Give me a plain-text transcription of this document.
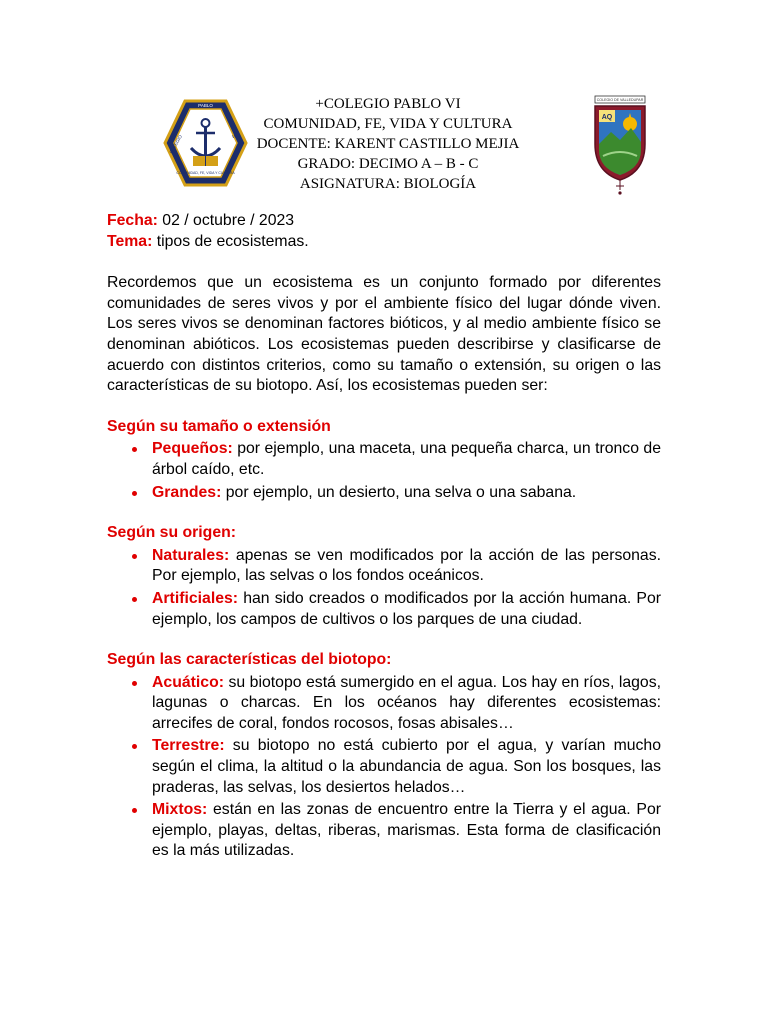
PABLO
COLEGIO	VI
COMUNIDAD, FE, VIDA Y CULTURA
+COLEGIO PABLO VI
COMUNIDAD, FE, VIDA Y CULTURA
DOCENTE: KARENT CASTILLO MEJIA
GRADO: DECIMO A – B - C
ASIGNATURA: BIOLOGÍA
COLEGIO DE VALLEDUPAR
AQ

Fecha: 02 / octubre / 2023

Tema: tipos de ecosistemas.

Recordemos que un ecosistema es un conjunto formado por diferentes comunidades de seres vivos y por el ambiente físico del lugar dónde viven. Los seres vivos se denominan factores bióticos, y al medio ambiente físico se denominan abióticos. Los ecosistemas pueden describirse y clasificarse de acuerdo con distintos criterios, como su tamaño o extensión, su origen o las características de su biotopo. Así, los ecosistemas pueden ser:

Según su tamaño o extensión

Pequeños: por ejemplo, una maceta, una pequeña charca, un tronco de árbol caído, etc.
Grandes: por ejemplo, un desierto, una selva o una sabana.

Según su origen:

Naturales: apenas se ven modificados por la acción de las personas. Por ejemplo, las selvas o los fondos oceánicos.
Artificiales: han sido creados o modificados por la acción humana. Por ejemplo, los campos de cultivos o los parques de una ciudad.

Según las características del biotopo:

Acuático: su biotopo está sumergido en el agua. Los hay en ríos, lagos, lagunas o charcas. En los océanos hay diferentes ecosistemas: arrecifes de coral, fondos rocosos, fosas abisales…
Terrestre: su biotopo no está cubierto por el agua, y varían mucho según el clima, la altitud o la abundancia de agua. Son los bosques, las praderas, las selvas, los desiertos helados…
Mixtos: están en las zonas de encuentro entre la Tierra y el agua. Por ejemplo, playas, deltas, riberas, marismas. Esta forma de clasificación es la más utilizadas.
